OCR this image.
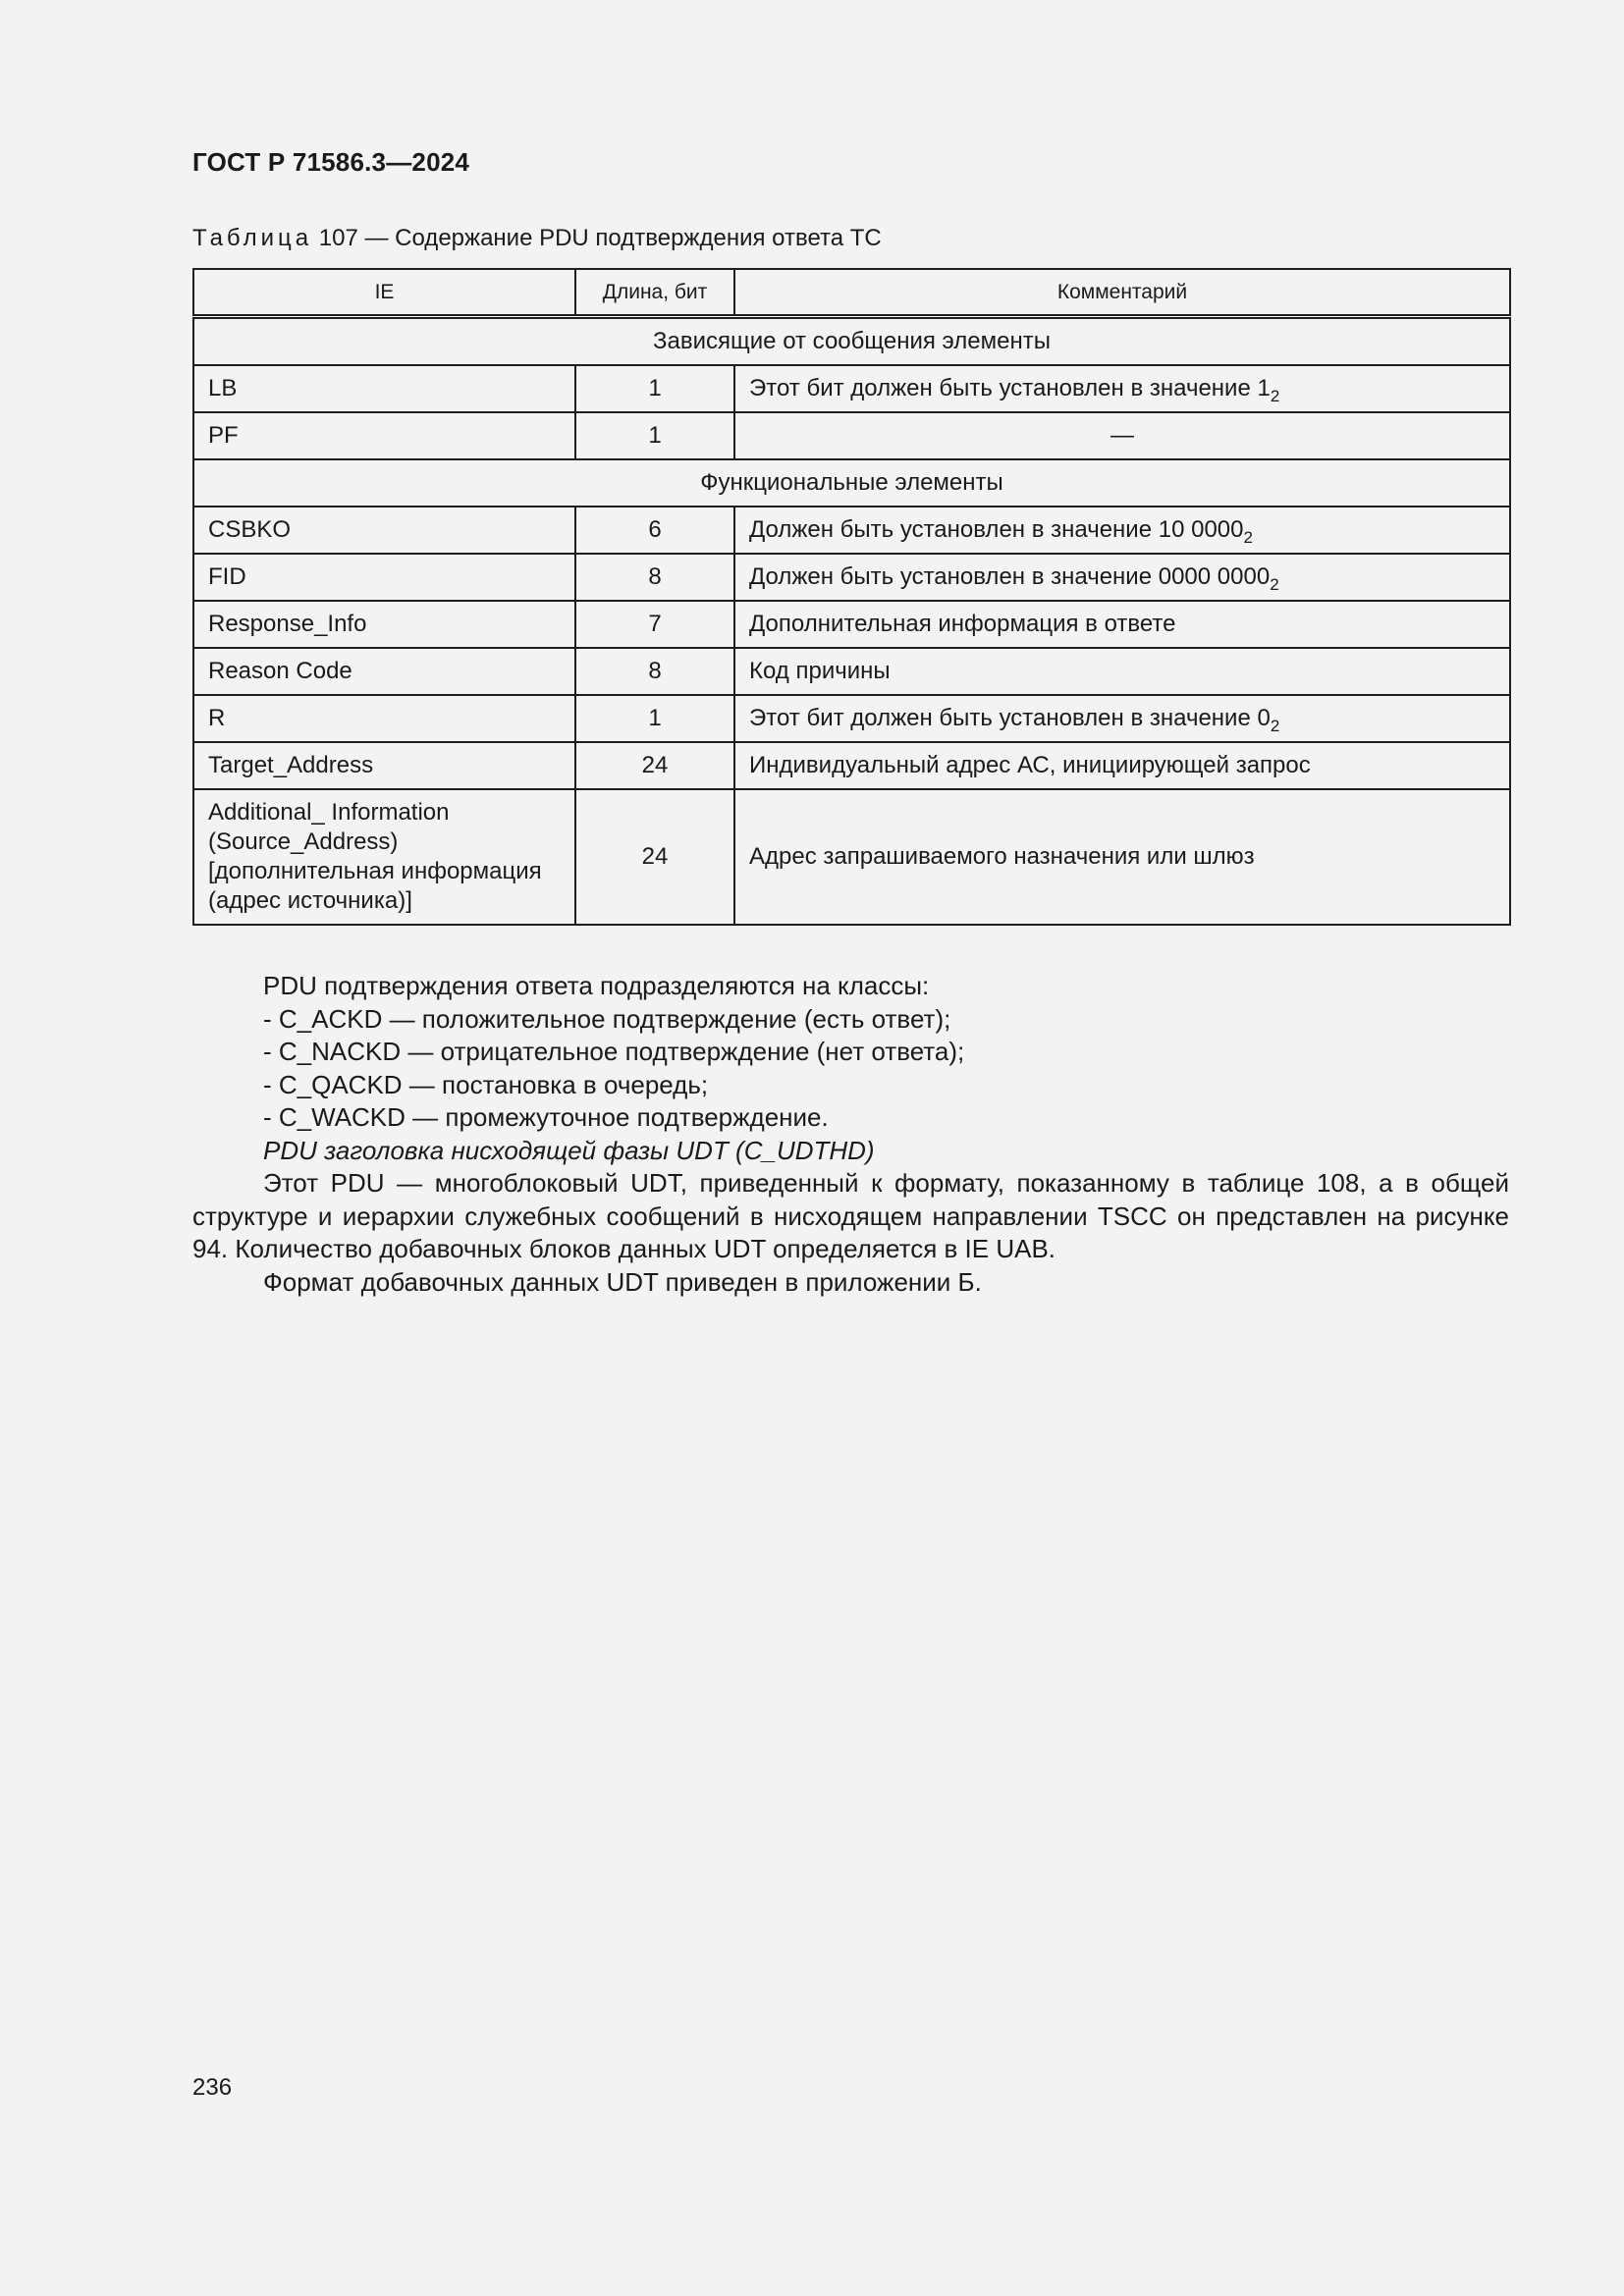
ГОСТ Р 71586.3—2024
Таблица 107 — Содержание PDU подтверждения ответа ТС
IE	Длина, бит	Комментарий
Зависящие от сообщения элементы		
LB	1	Этот бит должен быть установлен в значение $1_2$
PF	1	—
Функциональные элементы		
CSBKO	6	Должен быть установлен в значение 10 $0000_2$
FID	8	Должен быть установлен в значение 0000 $0000_2$
Response_Info	7	Дополнительная информация в ответе
Reason Code	8	Код причины
R	1	Этот бит должен быть установлен в значение $0_2$
Target_Address	24	Индивидуальный адрес АС, инициирующей запрос

Additional_ Information
(Source_Address)
[дополнительная информация
(адрес источника)]	24	Адрес запрашиваемого назначения или шлюз

PDU подтверждения ответа подразделяются на классы:

- C_ACKD — положительное подтверждение (есть ответ);

- C_NACKD — отрицательное подтверждение (нет ответа);

- C_QACKD — постановка в очередь;

- C_WACKD — промежуточное подтверждение.

PDU заголовка нисходящей фазы UDT (C_UDTHD)

Этот PDU — многоблоковый UDT, приведенный к формату, показанному в таблице 108, а в общей структуре и иерархии служебных сообщений в нисходящем направлении TSCC он представлен на рисунке 94. Количество добавочных блоков данных UDT определяется в IE UAB.

Формат добавочных данных UDT приведен в приложении Б.

236
